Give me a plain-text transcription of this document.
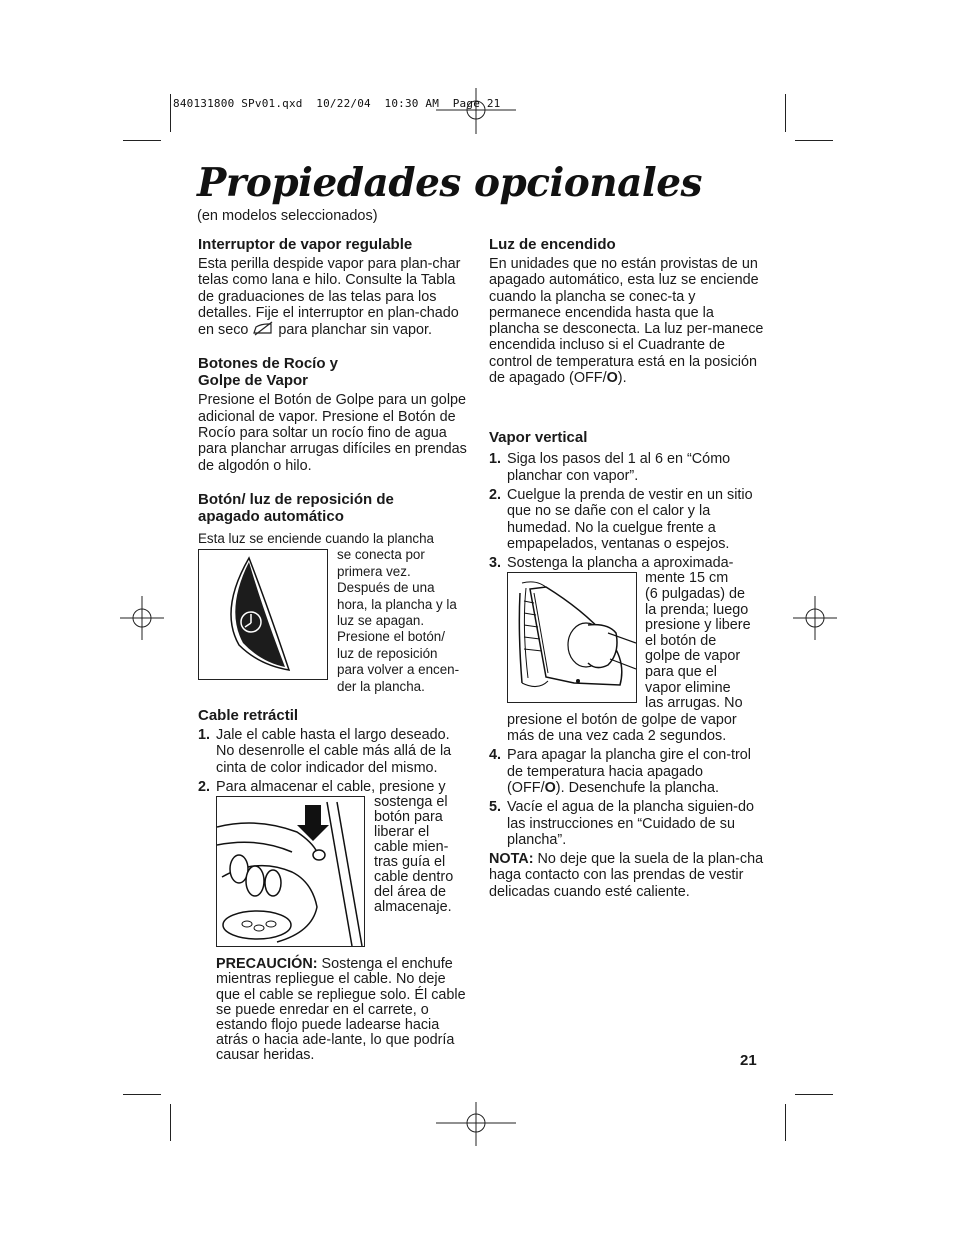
840131800 SPv01.qxd  10/22/04  10:30 AM  Page 21
Propiedades opcionales
(en modelos seleccionados)
Interruptor de vapor regulable

Esta perilla despide vapor para plan-char telas como lana e hilo. Consulte la Tabla de graduaciones de las telas para los detalles. Fije el interruptor en plan-chado en seco  para planchar sin vapor.

Botones de Rocío y
Golpe de Vapor

Presione el Botón de Golpe para un golpe adicional de vapor. Presione el Botón de Rocío para soltar un rocío fino de agua para planchar arrugas difíciles en prendas de algodón o hilo.

Botón/ luz de reposición de
apagado automático

Esta luz se enciende cuando la plancha

se conecta por
primera vez.
Después de una
hora, la plancha y la
luz se apagan.
Presione el botón/
luz de reposición
para volver a encen-
der la plancha.
Cable retráctil
1. Jale el cable hasta el largo deseado. No desenrolle el cable más allá de la cinta de color indicador del mismo.
2. Para almacenar el cable, presione y
sostenga el
botón para
liberar el
cable mien-
tras guía el
cable dentro
del área de
almacenaje.

PRECAUCIÓN: Sostenga el enchufe mientras repliegue el cable. No deje que el cable se repliegue solo. Él cable se puede enredar en el carrete, o estando flojo puede ladearse hacia atrás o hacia ade-lante, lo que podría causar heridas.

Luz de encendido

En unidades que no están provistas de un apagado automático, esta luz se enciende cuando la plancha se conec-ta y permanece encendida hasta que la plancha se desconecta. La luz per-manece encendida incluso si el Cuadrante de control de temperatura está en la posición de apagado (OFF/O).

Vapor vertical
1. Siga los pasos del 1 al 6 en “Cómo planchar con vapor”.
2. Cuelgue la prenda de vestir en un sitio que no se dañe con el calor y la humedad. No la cuelgue frente a empapelados, ventanas o espejos.
3. Sostenga la plancha a aproximada-
mente 15 cm
(6 pulgadas) de
la prenda; luego
presione y libere
el botón de
golpe de vapor
para que el
vapor elimine
las arrugas. No
presione el botón de golpe de vapor más de una vez cada 2 segundos.
4. Para apagar la plancha gire el con-trol de temperatura hacia apagado (OFF/O). Desenchufe la plancha.
5. Vacíe el agua de la plancha siguien-do las instrucciones en “Cuidado de su plancha”.

NOTA: No deje que la suela de la plan-cha haga contacto con las prendas de vestir delicadas cuando esté caliente.

21
